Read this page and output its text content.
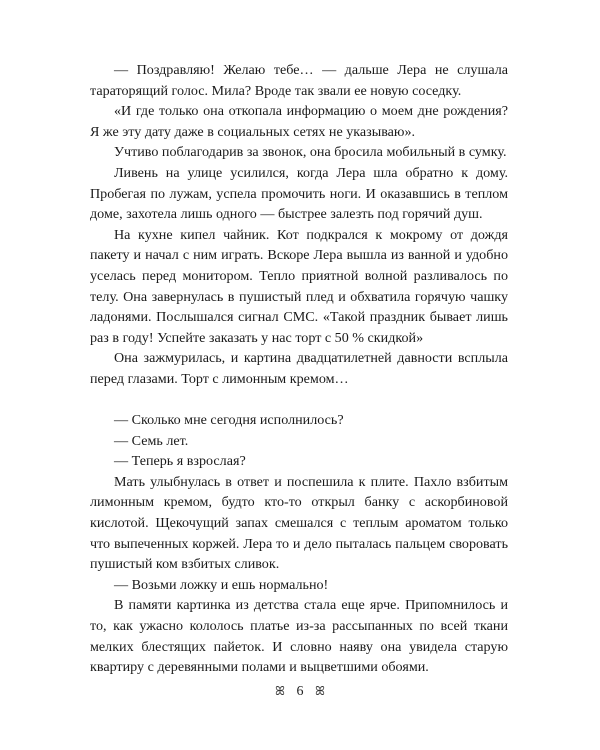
— Поздравляю! Желаю тебе… — дальше Лера не слушала тараторящий голос. Мила? Вроде так звали ее новую соседку.

«И где только она откопала информацию о моем дне рождения? Я же эту дату даже в социальных сетях не указываю».

Учтиво поблагодарив за звонок, она бросила мобильный в сумку.

Ливень на улице усилился, когда Лера шла обратно к дому. Пробегая по лужам, успела промочить ноги. И оказавшись в теплом доме, захотела лишь одного — быстрее залезть под горячий душ.

На кухне кипел чайник. Кот подкрался к мокрому от дождя пакету и начал с ним играть. Вскоре Лера вышла из ванной и удобно уселась перед монитором. Тепло приятной волной разливалось по телу. Она завернулась в пушистый плед и обхватила горячую чашку ладонями. Послышался сигнал СМС. «Такой праздник бывает лишь раз в году! Успейте заказать у нас торт с 50 % скидкой»

Она зажмурилась, и картина двадцатилетней давности всплыла перед глазами. Торт с лимонным кремом…

— Сколько мне сегодня исполнилось?

— Семь лет.

— Теперь я взрослая?

Мать улыбнулась в ответ и поспешила к плите. Пахло взбитым лимонным кремом, будто кто-то открыл банку с аскорбиновой кислотой. Щекочущий запах смешался с теплым ароматом только что выпеченных коржей. Лера то и дело пыталась пальцем своровать пушистый ком взбитых сливок.

— Возьми ложку и ешь нормально!

В памяти картинка из детства стала еще ярче. Припомнилось и то, как ужасно кололось платье из-за рассыпанных по всей ткани мелких блестящих пайеток. И словно наяву она увидела старую квартиру с деревянными полами и выцветшими обоями.

ꕤ 6 ꕤ
